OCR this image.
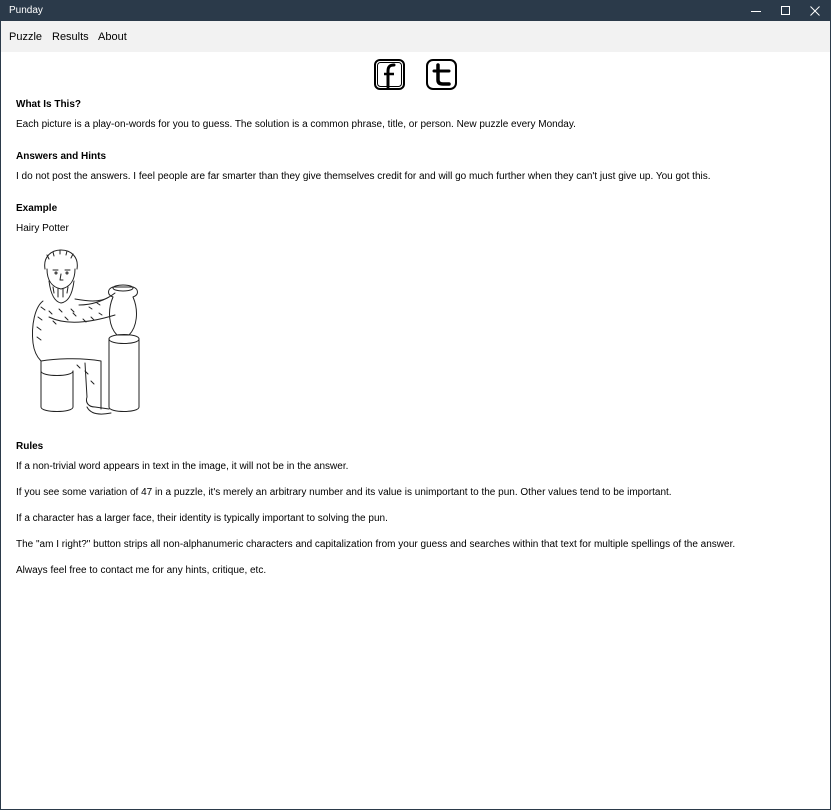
Punday
Puzzle Results About
What Is This?
Each picture is a play-on-words for you to guess. The solution is a common phrase, title, or person. New puzzle every Monday.
Answers and Hints
I do not post the answers. I feel people are far smarter than they give themselves credit for and will go much further when they can't just give up. You got this.
Example
Hairy Potter
Rules
If a non-trivial word appears in text in the image, it will not be in the answer.
If you see some variation of 47 in a puzzle, it's merely an arbitrary number and its value is unimportant to the pun. Other values tend to be important.
If a character has a larger face, their identity is typically important to solving the pun.
The "am I right?" button strips all non-alphanumeric characters and capitalization from your guess and searches within that text for multiple spellings of the answer.
Always feel free to contact me for any hints, critique, etc.
